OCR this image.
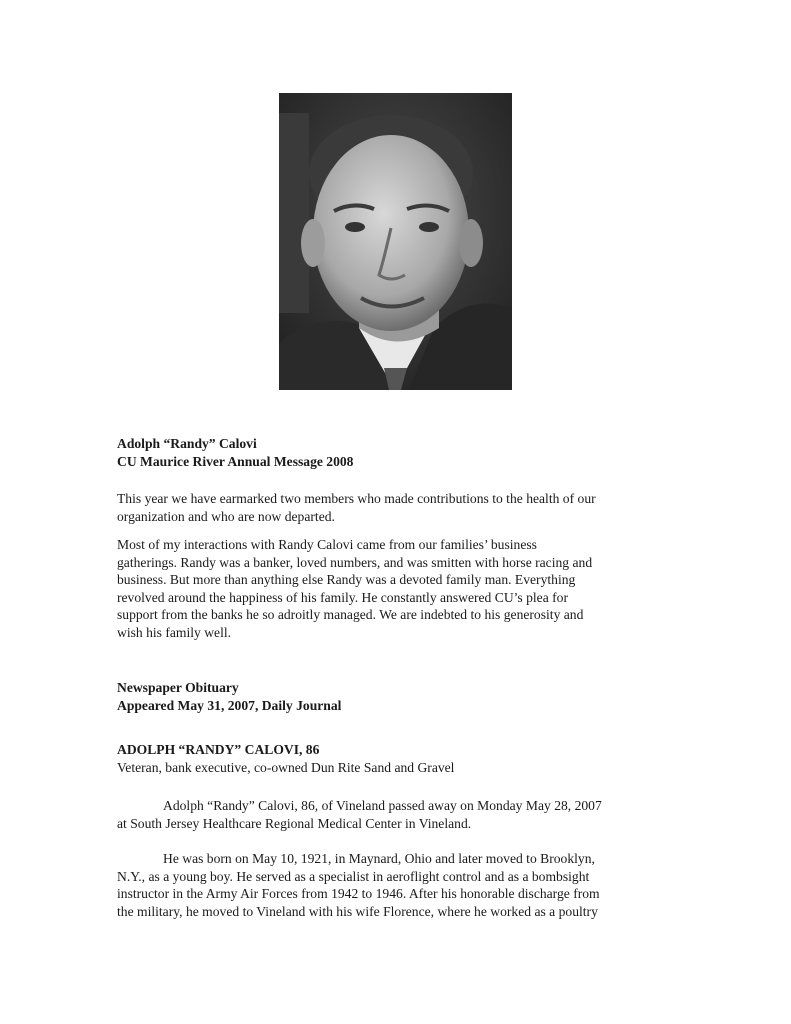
Adolph “Randy” Calovi
CU Maurice River Annual Message 2008
This year we have earmarked two members who made contributions to the health of our
organization and who are now departed.
Most of my interactions with Randy Calovi came from our families’ business
gatherings. Randy was a banker, loved numbers, and was smitten with horse racing and
business. But more than anything else Randy was a devoted family man. Everything
revolved around the happiness of his family. He constantly answered CU’s plea for
support from the banks he so adroitly managed. We are indebted to his generosity and
wish his family well.
Newspaper Obituary
Appeared May 31, 2007, Daily Journal
ADOLPH “RANDY” CALOVI, 86
Veteran, bank executive, co-owned Dun Rite Sand and Gravel
Adolph “Randy” Calovi, 86, of Vineland passed away on Monday May 28, 2007
at South Jersey Healthcare Regional Medical Center in Vineland.
He was born on May 10, 1921, in Maynard, Ohio and later moved to Brooklyn,
N.Y., as a young boy. He served as a specialist in aeroflight control and as a bombsight
instructor in the Army Air Forces from 1942 to 1946. After his honorable discharge from
the military, he moved to Vineland with his wife Florence, where he worked as a poultry
